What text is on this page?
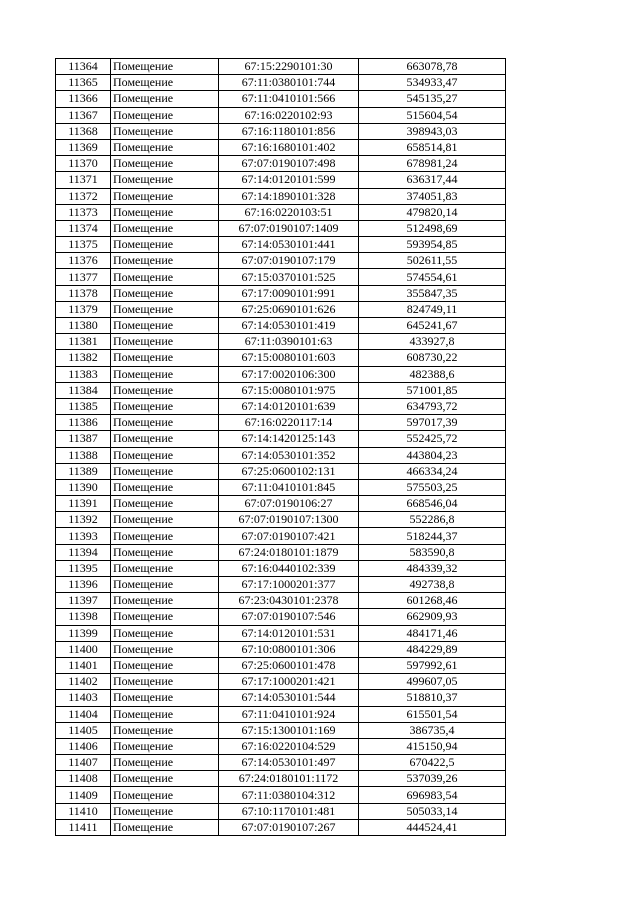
11364	Помещение	67:15:2290101:30	663078,78
11365	Помещение	67:11:0380101:744	534933,47
11366	Помещение	67:11:0410101:566	545135,27
11367	Помещение	67:16:0220102:93	515604,54
11368	Помещение	67:16:1180101:856	398943,03
11369	Помещение	67:16:1680101:402	658514,81
11370	Помещение	67:07:0190107:498	678981,24
11371	Помещение	67:14:0120101:599	636317,44
11372	Помещение	67:14:1890101:328	374051,83
11373	Помещение	67:16:0220103:51	479820,14
11374	Помещение	67:07:0190107:1409	512498,69
11375	Помещение	67:14:0530101:441	593954,85
11376	Помещение	67:07:0190107:179	502611,55
11377	Помещение	67:15:0370101:525	574554,61
11378	Помещение	67:17:0090101:991	355847,35
11379	Помещение	67:25:0690101:626	824749,11
11380	Помещение	67:14:0530101:419	645241,67
11381	Помещение	67:11:0390101:63	433927,8
11382	Помещение	67:15:0080101:603	608730,22
11383	Помещение	67:17:0020106:300	482388,6
11384	Помещение	67:15:0080101:975	571001,85
11385	Помещение	67:14:0120101:639	634793,72
11386	Помещение	67:16:0220117:14	597017,39
11387	Помещение	67:14:1420125:143	552425,72
11388	Помещение	67:14:0530101:352	443804,23
11389	Помещение	67:25:0600102:131	466334,24
11390	Помещение	67:11:0410101:845	575503,25
11391	Помещение	67:07:0190106:27	668546,04
11392	Помещение	67:07:0190107:1300	552286,8
11393	Помещение	67:07:0190107:421	518244,37
11394	Помещение	67:24:0180101:1879	583590,8
11395	Помещение	67:16:0440102:339	484339,32
11396	Помещение	67:17:1000201:377	492738,8
11397	Помещение	67:23:0430101:2378	601268,46
11398	Помещение	67:07:0190107:546	662909,93
11399	Помещение	67:14:0120101:531	484171,46
11400	Помещение	67:10:0800101:306	484229,89
11401	Помещение	67:25:0600101:478	597992,61
11402	Помещение	67:17:1000201:421	499607,05
11403	Помещение	67:14:0530101:544	518810,37
11404	Помещение	67:11:0410101:924	615501,54
11405	Помещение	67:15:1300101:169	386735,4
11406	Помещение	67:16:0220104:529	415150,94
11407	Помещение	67:14:0530101:497	670422,5
11408	Помещение	67:24:0180101:1172	537039,26
11409	Помещение	67:11:0380104:312	696983,54
11410	Помещение	67:10:1170101:481	505033,14
11411	Помещение	67:07:0190107:267	444524,41
